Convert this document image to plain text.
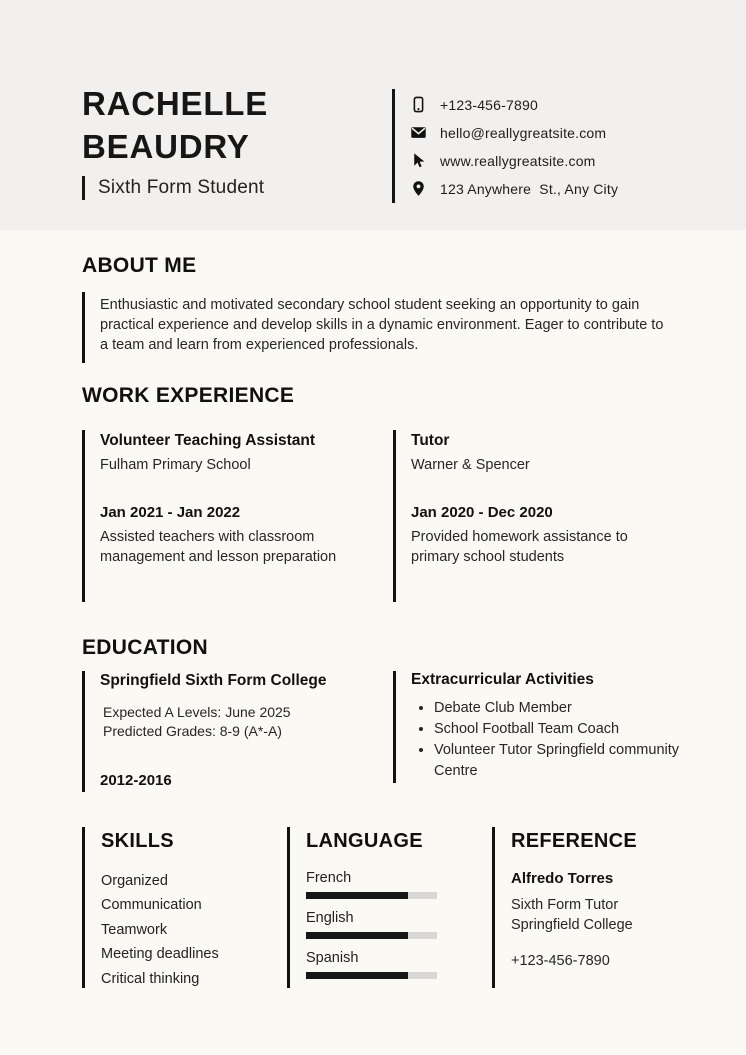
RACHELLE
BEAUDRY
Sixth Form Student
+123-456-7890
hello@reallygreatsite.com
www.reallygreatsite.com
123 Anywhere  St., Any City
ABOUT ME
Enthusiastic and motivated secondary school student seeking an opportunity to gain practical experience and develop skills in a dynamic environment. Eager to contribute to a team and learn from experienced professionals.
WORK EXPERIENCE
Volunteer Teaching Assistant
Fulham Primary School
Jan 2021 - Jan 2022
Assisted teachers with classroom management and lesson preparation
Tutor
Warner & Spencer
Jan 2020 - Dec 2020
Provided homework assistance to primary school students
EDUCATION
Springfield Sixth Form College
Expected A Levels: June 2025
Predicted Grades: 8-9 (A*-A)
2012-2016
Extracurricular Activities
• Debate Club Member
• School Football Team Coach
• Volunteer Tutor Springfield community Centre
SKILLS
Organized
Communication
Teamwork
Meeting deadlines
Critical thinking
LANGUAGE
French
English
Spanish
REFERENCE
Alfredo Torres
Sixth Form Tutor
Springfield College
+123-456-7890
